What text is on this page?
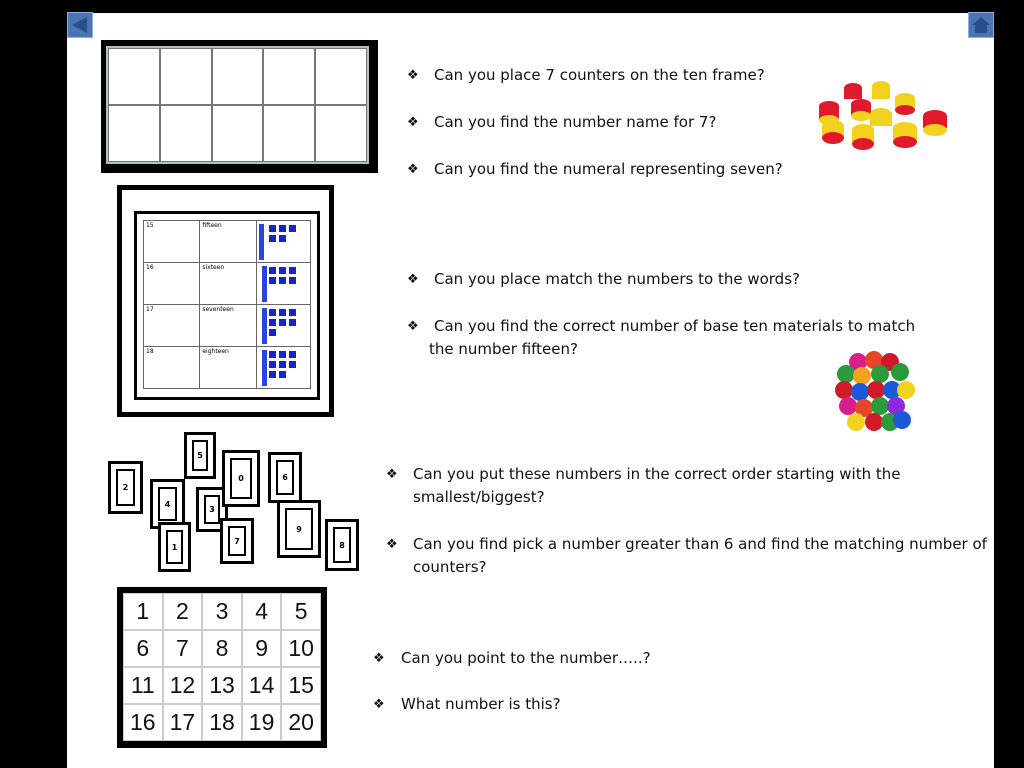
❖ Can you place 7 counters on the ten frame?
❖ Can you find the number name for 7?
❖ Can you find the numeral representing seven?
15	fifteen	

16	sixteen	

17	seventeen	

18	eighteen	
❖ Can you place match the numbers to the words?
❖ Can you find the correct number of base ten materials to match
the number fifteen?
5
2
4
3
0	6
1
7
9
8
❖ Can you put these numbers in the correct order starting with the
smallest/biggest?
❖ Can you find pick a number greater than 6 and find the matching number of
counters?
1	2	3	4	5
6	7	8	9 10
11 12 13 14 15
16 17 18 19 20
❖ Can you point to the number…..?
❖ What number is this?
